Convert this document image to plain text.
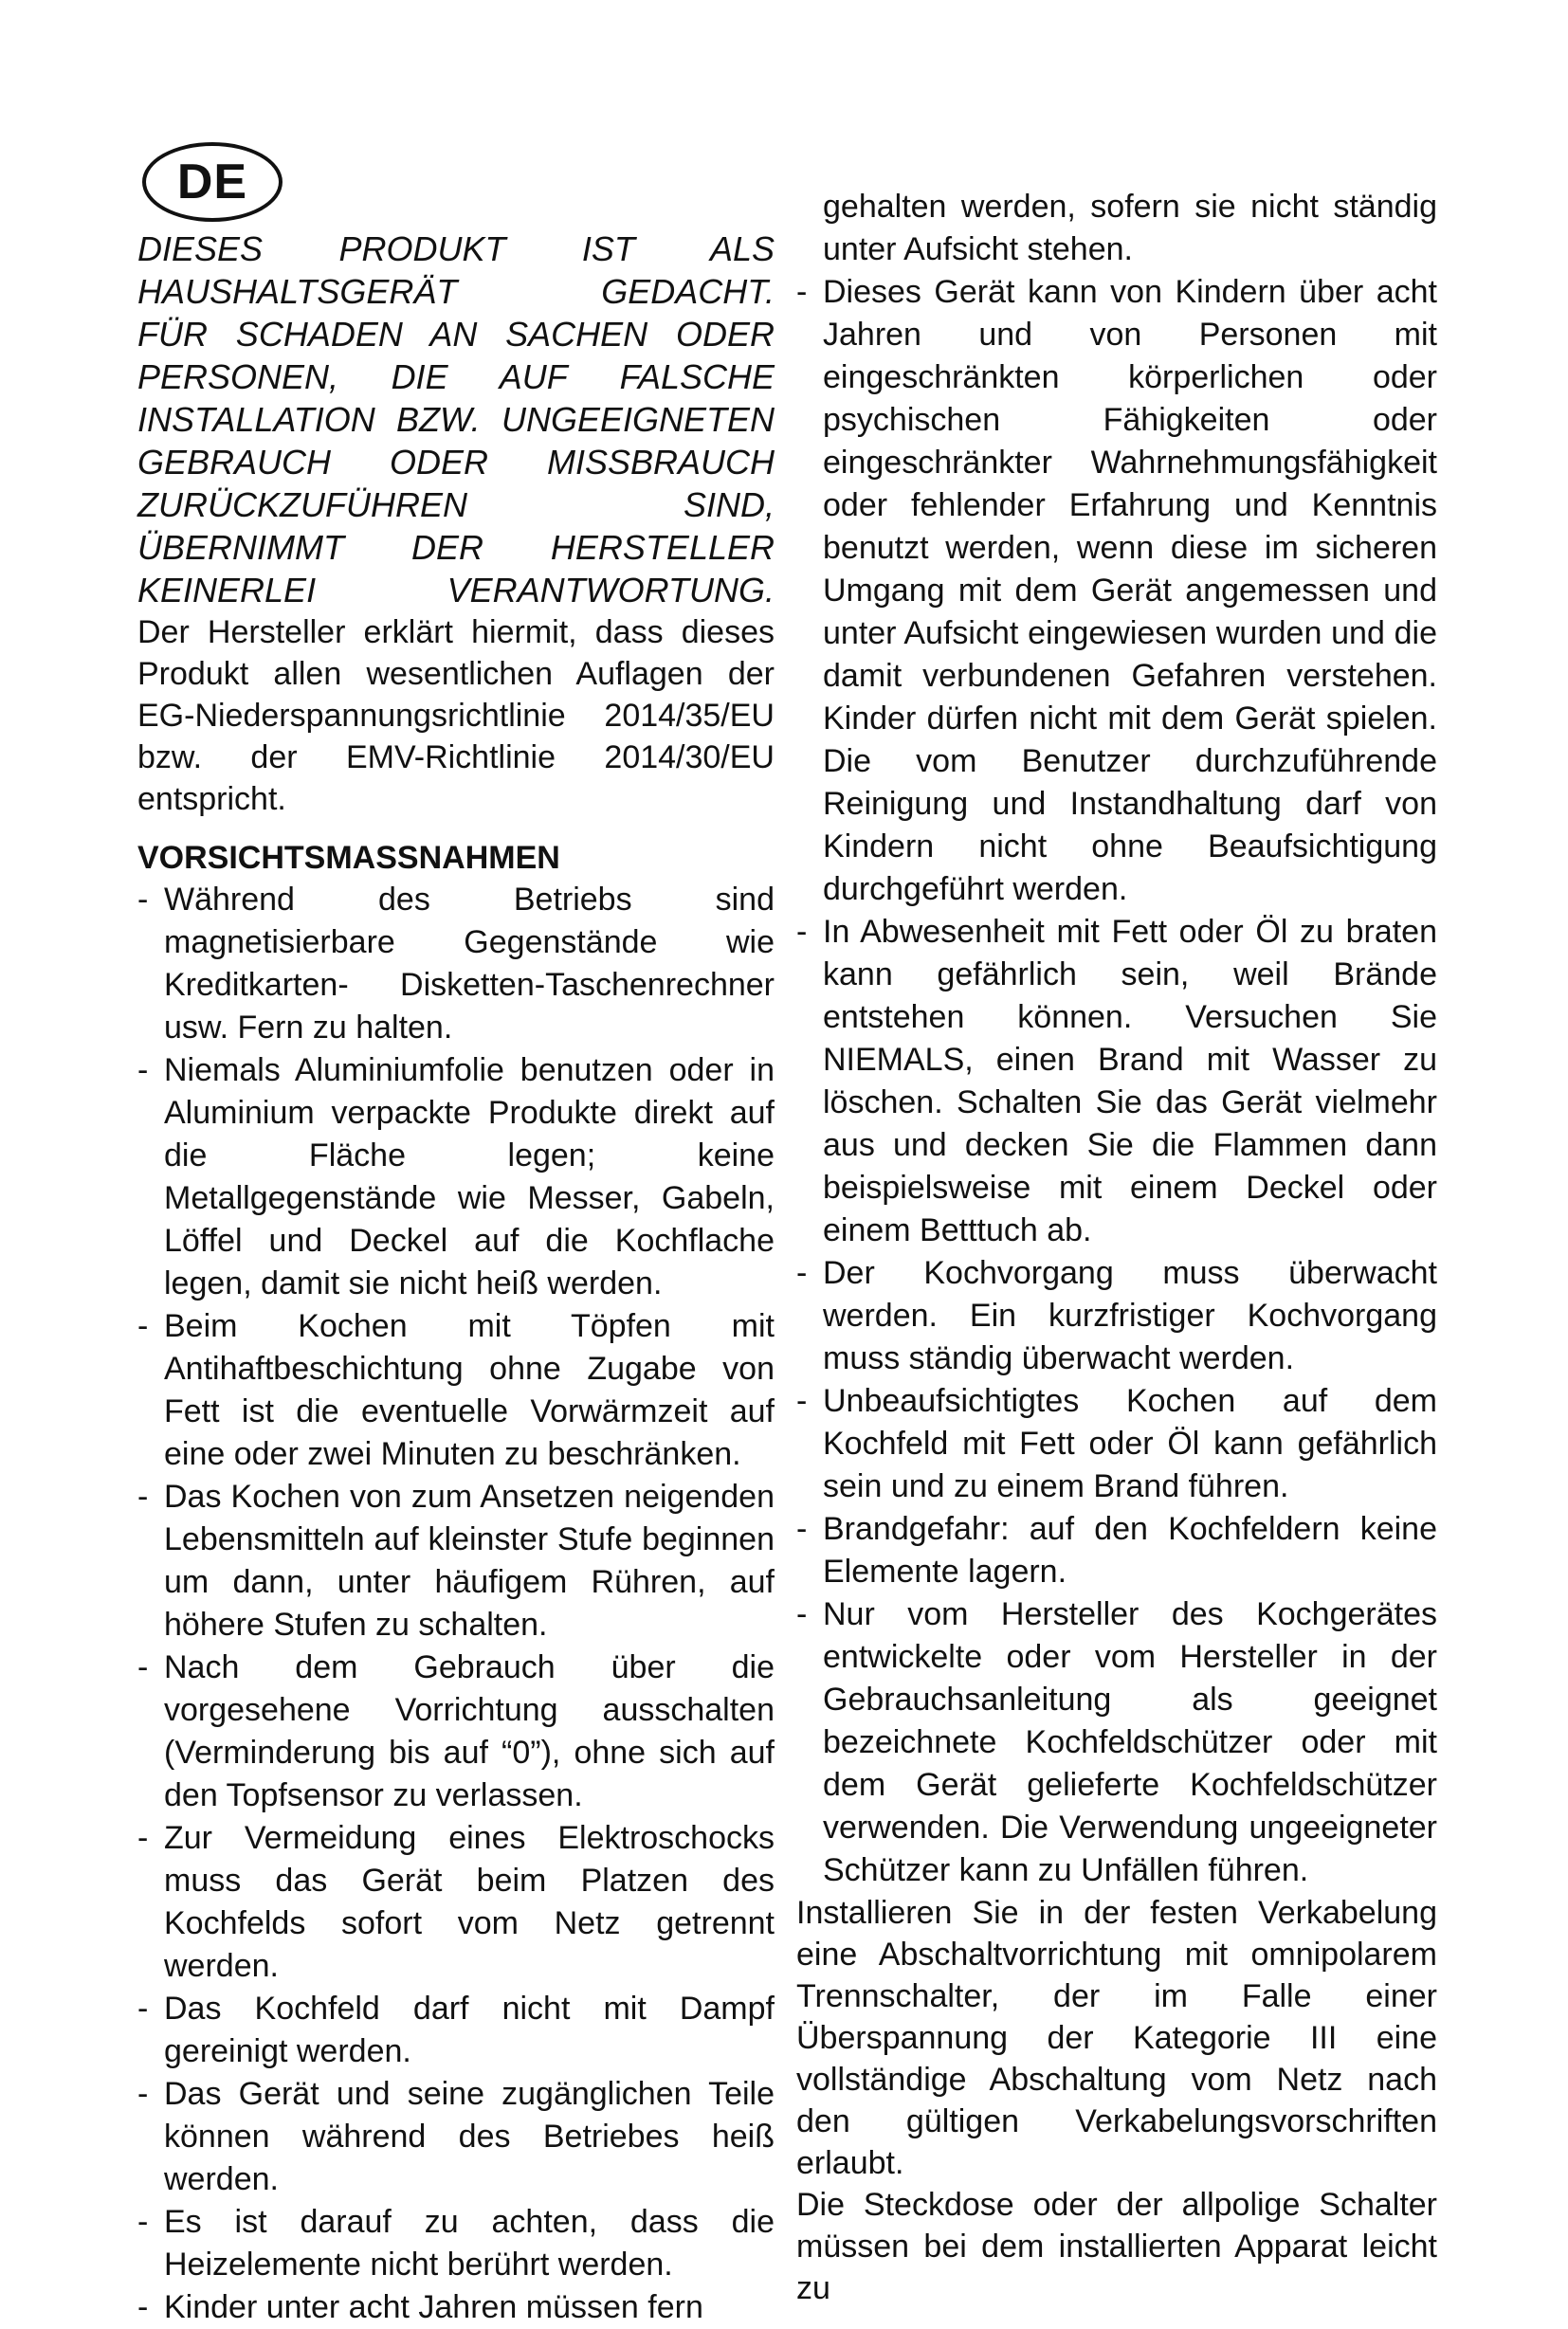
DE
DIESES PRODUKT IST ALS
HAUSHALTSGERÄT GEDACHT.
FÜR SCHADEN AN SACHEN ODER
PERSONEN, DIE AUF FALSCHE
INSTALLATION BZW. UNGEEIGNETEN
GEBRAUCH ODER MISSBRAUCH
ZURÜCKZUFÜHREN SIND,
ÜBERNIMMT DER HERSTELLER
KEINERLEI VERANTWORTUNG.

Der Hersteller erklärt hiermit, dass dieses Produkt allen wesentlichen Auflagen der EG-Niederspannungsrichtlinie 2014/35/EU bzw. der EMV-Richtlinie 2014/30/EU entspricht.

VORSICHTSMASSNAHMEN
- Während des Betriebs sind magnetisierbare Gegenstände wie Kreditkarten- Disketten-Taschenrechner usw. Fern zu halten.
- Niemals Aluminiumfolie benutzen oder in Aluminium verpackte Produkte direkt auf die Fläche legen; keine Metallgegenstände wie Messer, Gabeln, Löffel und Deckel auf die Kochflache legen, damit sie nicht heiß werden.
- Beim Kochen mit Töpfen mit Antihaftbeschichtung ohne Zugabe von Fett ist die eventuelle Vorwärmzeit auf eine oder zwei Minuten zu beschränken.
- Das Kochen von zum Ansetzen neigenden Lebensmitteln auf kleinster Stufe beginnen um dann, unter häufigem Rühren, auf höhere Stufen zu schalten.
- Nach dem Gebrauch über die vorgesehene Vorrichtung ausschalten (Verminderung bis auf “0”), ohne sich auf den Topfsensor zu verlassen.
- Zur Vermeidung eines Elektroschocks muss das Gerät beim Platzen des Kochfelds sofort vom Netz getrennt werden.
- Das Kochfeld darf nicht mit Dampf gereinigt werden.
- Das Gerät und seine zugänglichen Teile können während des Betriebes heiß werden.
- Es ist darauf zu achten, dass die Heizelemente nicht berührt werden.
- Kinder unter acht Jahren müssen fern
gehalten werden, sofern sie nicht ständig unter Aufsicht stehen.
- Dieses Gerät kann von Kindern über acht Jahren und von Personen mit eingeschränkten körperlichen oder psychischen Fähigkeiten oder eingeschränkter Wahrnehmungsfähigkeit oder fehlender Erfahrung und Kenntnis benutzt werden, wenn diese im sicheren Umgang mit dem Gerät angemessen und unter Aufsicht eingewiesen wurden und die damit verbundenen Gefahren verstehen. Kinder dürfen nicht mit dem Gerät spielen. Die vom Benutzer durchzuführende Reinigung und Instandhaltung darf von Kindern nicht ohne Beaufsichtigung durchgeführt werden.
- In Abwesenheit mit Fett oder Öl zu braten kann gefährlich sein, weil Brände entstehen können. Versuchen Sie NIEMALS, einen Brand mit Wasser zu löschen. Schalten Sie das Gerät vielmehr aus und decken Sie die Flammen dann beispielsweise mit einem Deckel oder einem Betttuch ab.
- Der Kochvorgang muss überwacht werden. Ein kurzfristiger Kochvorgang muss ständig überwacht werden.
- Unbeaufsichtigtes Kochen auf dem Kochfeld mit Fett oder Öl kann gefährlich sein und zu einem Brand führen.
- Brandgefahr: auf den Kochfeldern keine Elemente lagern.
- Nur vom Hersteller des Kochgerätes entwickelte oder vom Hersteller in der Gebrauchsanleitung als geeignet bezeichnete Kochfeldschützer oder mit dem Gerät gelieferte Kochfeldschützer verwenden. Die Verwendung ungeeigneter Schützer kann zu Unfällen führen.

Installieren Sie in der festen Verkabelung eine Abschaltvorrichtung mit omnipolarem Trennschalter, der im Falle einer Überspannung der Kategorie III eine vollständige Abschaltung vom Netz nach den gültigen Verkabelungsvorschriften erlaubt.

Die Steckdose oder der allpolige Schalter müssen bei dem installierten Apparat leicht zu
